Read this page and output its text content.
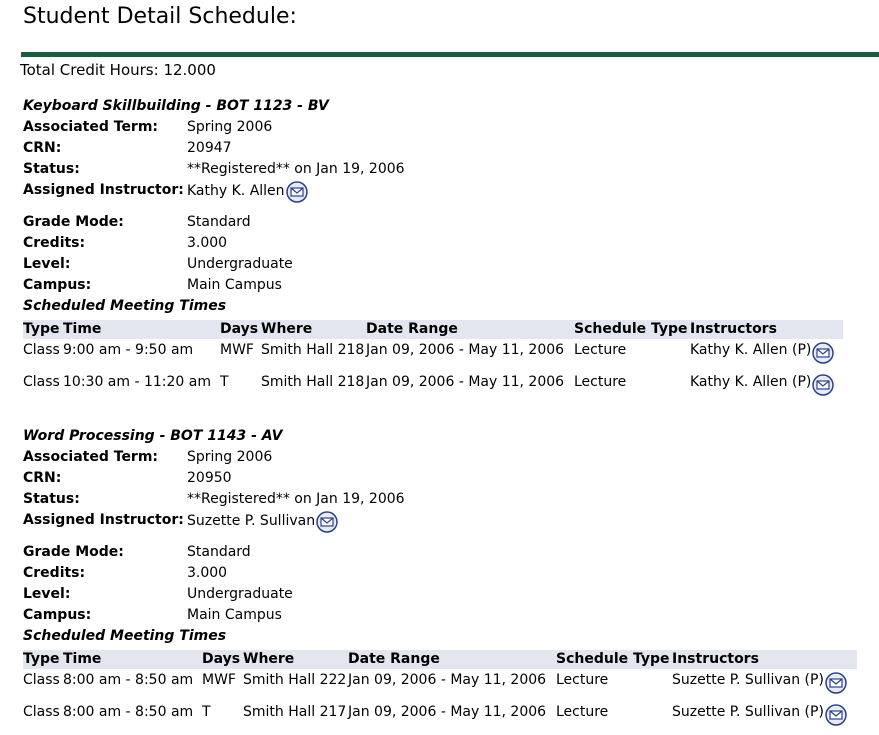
Student Detail Schedule:
Total Credit Hours: 12.000
Keyboard Skillbuilding - BOT 1123 - BV
Associated Term:	Spring 2006
CRN:	20947
Status:	**Registered** on Jan 19, 2006
Assigned Instructor: Kathy K. Allen
Grade Mode:	Standard
Credits:	3.000
Level:	Undergraduate
Campus:	Main Campus
Scheduled Meeting Times
Type	Time	Days	Where	Date Range	Schedule Type	Instructors
Class	9:00 am - 9:50 am	MWF	Smith Hall 218	Jan 09, 2006 - May 11, 2006	Lecture	Kathy K. Allen (P)

Class	10:30 am - 11:20 am	T	Smith Hall 218	Jan 09, 2006 - May 11, 2006	Lecture	Kathy K. Allen (P)
Word Processing - BOT 1143 - AV
Associated Term:	Spring 2006
CRN:	20950
Status:	**Registered** on Jan 19, 2006
Assigned Instructor: Suzette P. Sullivan
Grade Mode:	Standard
Credits:	3.000
Level:	Undergraduate
Campus:	Main Campus
Scheduled Meeting Times
Type	Time	Days	Where	Date Range	Schedule Type	Instructors
Class	8:00 am - 8:50 am	MWF	Smith Hall 222	Jan 09, 2006 - May 11, 2006	Lecture	Suzette P. Sullivan (P)

Class	8:00 am - 8:50 am	T	Smith Hall 217	Jan 09, 2006 - May 11, 2006	Lecture	Suzette P. Sullivan (P)
